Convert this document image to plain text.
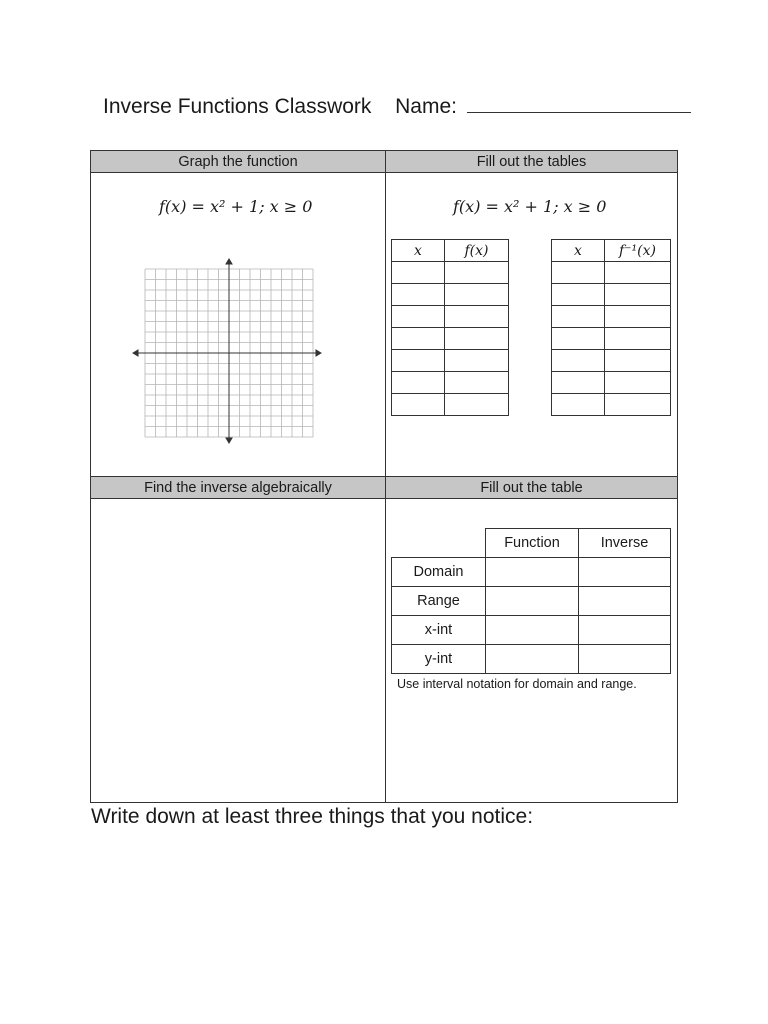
Inverse Functions Classwork Name:
Graph the function	Fill out the tables
Find the inverse algebraically	Fill out the table
f(x) = x² + 1; x ≥ 0	f(x) = x² + 1; x ≥ 0
x	f(x)

		x	f⁻¹(x)

	Function	Inverse
Domain		
Range		
x-int		
y-int		
Use interval notation for domain and range.
Write down at least three things that you notice:
